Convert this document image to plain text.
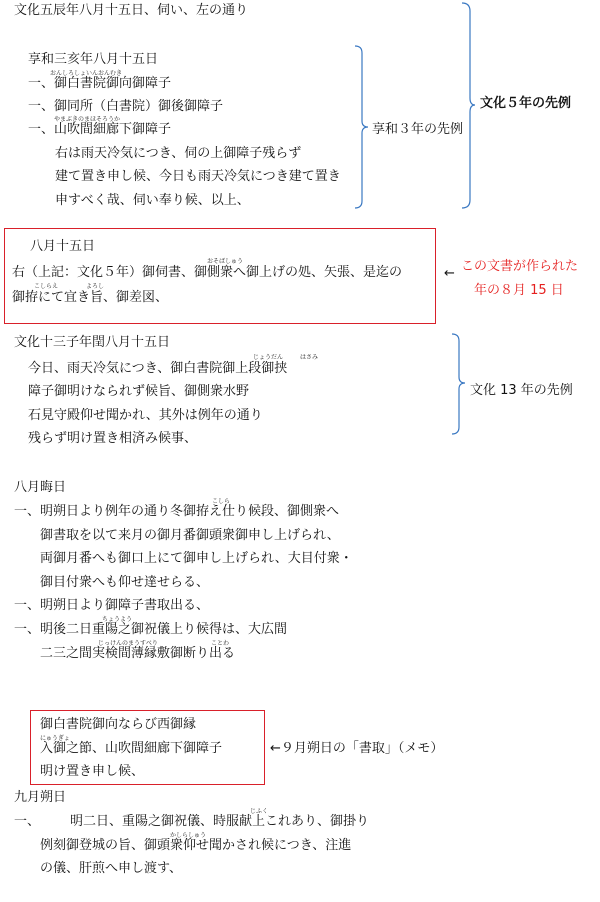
文化五辰年八月十五日、伺い、左の通り
享和三亥年八月十五日
おんしろしょいんおんむき
一、御白書院御向御障子
一、御同所（白書院）御後御障子
やまぶきのまほそろうか
一、山吹間細廊下御障子
右は雨天冷気につき、伺の上御障子残らず
建て置き申し候、今日も雨天冷気につき建て置き
申すべく哉、伺い奉り候、以上、
享和３年の先例
文化５年の先例
八月十五日
おそばしゅう
右（上記：文化５年）御伺書、御側衆へ御上げの処、矢張、是迄の
こしらえ	よろし
御拵にて宜き旨、御差図、
← この文書が作られた
年の８月 15 日
文化十三子年閏八月十五日
じょうだん	はさみ
今日、雨天冷気につき、御白書院御上段御挟
障子御明けなられず候旨、御側衆水野
石見守殿仰せ聞かれ、其外は例年の通り
残らず明け置き相済み候事、
文化 13 年の先例
八月晦日
こしら
一、明朔日より例年の通り冬御拵え仕り候段、御側衆へ
御書取を以て来月の御月番御頭衆御申し上げられ、
両御月番へも御口上にて御申し上げられ、大目付衆・
御目付衆へも仰せ達せらる、
一、明朔日より御障子書取出る、
ちょうよう
一、明後二日重陽之御祝儀上り候得は、大広間
じっけんのまうすべり	ことわ
二三之間実検間薄縁敷御断り出る
御白書院御向ならび西御縁
にゅうぎょ
入御之節、山吹間細廊下御障子
明け置き申し候、
←９月朔日の「書取」（メモ）
九月朔日
じふく
一、 明二日、重陽之御祝儀、時服献上これあり、御掛り
かしらしゅう
例刻御登城の旨、御頭衆仰せ聞かされ候につき、注進
の儀、肝煎へ申し渡す、
